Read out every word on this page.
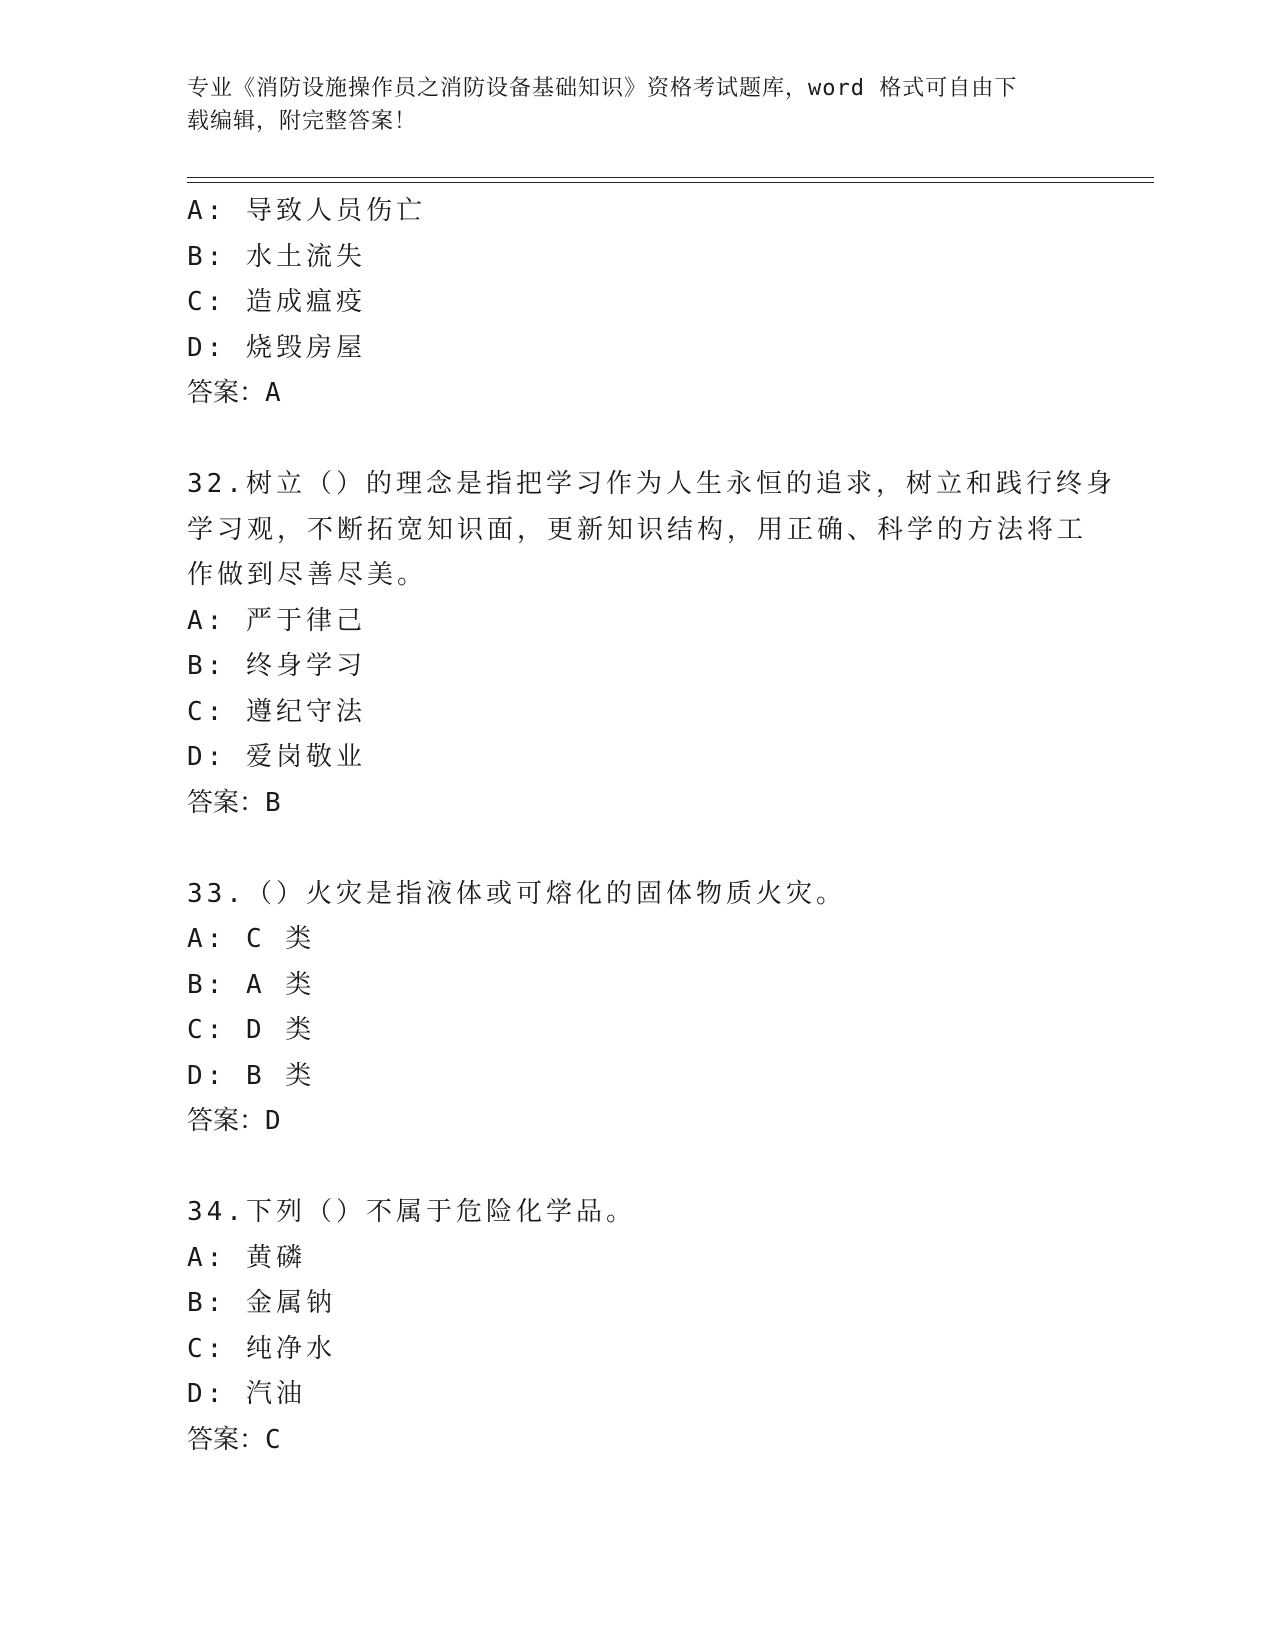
专业《消防设施操作员之消防设备基础知识》资格考试题库，word 格式可自由下
载编辑，附完整答案！
A: 导致人员伤亡
B: 水土流失
C: 造成瘟疫
D: 烧毁房屋
答案：A
32.树立（）的理念是指把学习作为人生永恒的追求，树立和践行终身
学习观，不断拓宽知识面，更新知识结构，用正确、科学的方法将工
作做到尽善尽美。
A: 严于律己
B: 终身学习
C: 遵纪守法
D: 爱岗敬业
答案：B
33.（）火灾是指液体或可熔化的固体物质火灾。
A: C 类
B: A 类
C: D 类
D: B 类
答案：D
34.下列（）不属于危险化学品。
A: 黄磷
B: 金属钠
C: 纯净水
D: 汽油
答案：C
